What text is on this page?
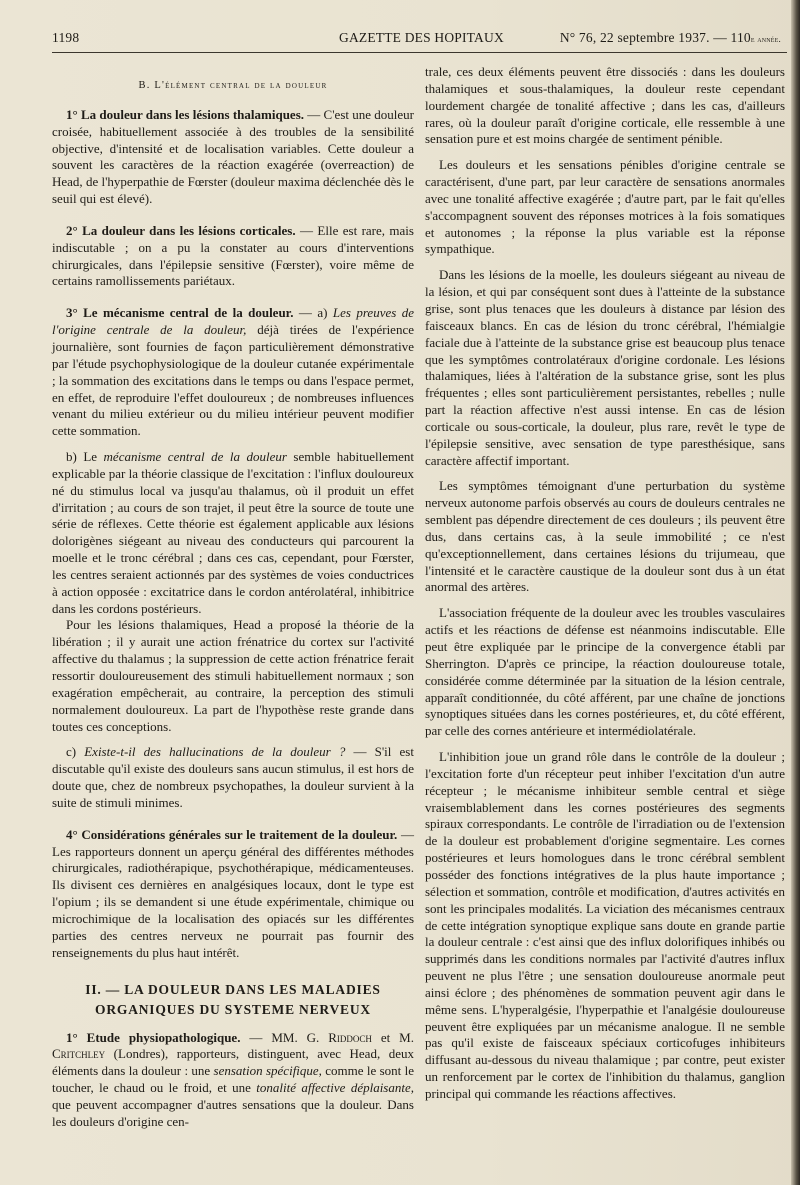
1198	GAZETTE DES HOPITAUX	N° 76, 22 septembre 1937. — 110e année.
B. L'élément central de la douleur

1° La douleur dans les lésions thalamiques. — C'est une douleur croisée, habituellement associée à des troubles de la sensibilité objective, d'intensité et de localisation variables. Cette douleur a souvent les caractères de la réaction exagérée (overreaction) de Head, de l'hyperpathie de Fœrster (douleur maxima déclenchée dès le seuil qui est élevé).

2° La douleur dans les lésions corticales. — Elle est rare, mais indiscutable ; on a pu la constater au cours d'interventions chirurgicales, dans l'épilepsie sensitive (Fœrster), voire même de certains ramollissements pariétaux.

3° Le mécanisme central de la douleur. — a) Les preuves de l'origine centrale de la douleur, déjà tirées de l'expérience journalière, sont fournies de façon particulièrement démonstrative par l'étude psychophysiologique de la douleur cutanée expérimentale ; la sommation des excitations dans le temps ou dans l'espace permet, en effet, de reproduire l'effet douloureux ; de nombreuses influences venant du milieu extérieur ou du milieu intérieur peuvent modifier cette sommation.

b) Le mécanisme central de la douleur semble habituellement explicable par la théorie classique de l'excitation : l'influx douloureux né du stimulus local va jusqu'au thalamus, où il produit un effet d'irritation ; au cours de son trajet, il peut être la source de toute une série de réflexes. Cette théorie est également applicable aux lésions dolorigènes siégeant au niveau des conducteurs qui parcourent la moelle et le tronc cérébral ; dans ces cas, cependant, pour Fœrster, les centres seraient actionnés par des systèmes de voies conductrices à action opposée : excitatrice dans le cordon antérolatéral, inhibitrice dans les cordons postérieurs.

Pour les lésions thalamiques, Head a proposé la théorie de la libération ; il y aurait une action frénatrice du cortex sur l'activité affective du thalamus ; la suppression de cette action frénatrice ferait ressortir douloureusement des stimuli habituellement normaux ; son exagération empêcherait, au contraire, la perception des stimuli normalement douloureux. La part de l'hypothèse reste grande dans toutes ces conceptions.

c) Existe-t-il des hallucinations de la douleur ? — S'il est discutable qu'il existe des douleurs sans aucun stimulus, il est hors de doute que, chez de nombreux psychopathes, la douleur survient à la suite de stimuli minimes.

4° Considérations générales sur le traitement de la douleur. — Les rapporteurs donnent un aperçu général des différentes méthodes chirurgicales, radiothérapique, psychothérapique, médicamenteuses. Ils divisent ces dernières en analgésiques locaux, dont le type est l'opium ; ils se demandent si une étude expérimentale, chimique ou microchimique de la localisation des opiacés sur les différentes parties des centres nerveux ne pourrait pas fournir des renseignements du plus haut intérêt.

II. — LA DOULEUR DANS LES MALADIES
ORGANIQUES DU SYSTEME NERVEUX

1° Etude physiopathologique. — MM. G. Riddoch et M. Critchley (Londres), rapporteurs, distinguent, avec Head, deux éléments dans la douleur : une sensation spécifique, comme le sont le toucher, le chaud ou le froid, et une tonalité affective déplaisante, que peuvent accompagner d'autres sensations que la douleur. Dans les douleurs d'origine cen-

trale, ces deux éléments peuvent être dissociés : dans les douleurs thalamiques et sous-thalamiques, la douleur reste cependant lourdement chargée de tonalité affective ; dans les cas, d'ailleurs rares, où la douleur paraît d'origine corticale, elle ressemble à une sensation pure et est moins chargée de sentiment pénible.

Les douleurs et les sensations pénibles d'origine centrale se caractérisent, d'une part, par leur caractère de sensations anormales avec une tonalité affective exagérée ; d'autre part, par le fait qu'elles s'accompagnent souvent des réponses motrices à la fois somatiques et autonomes ; la réponse la plus variable est la réponse sympathique.

Dans les lésions de la moelle, les douleurs siégeant au niveau de la lésion, et qui par conséquent sont dues à l'atteinte de la substance grise, sont plus tenaces que les douleurs à distance par lésion des faisceaux blancs. En cas de lésion du tronc cérébral, l'hémialgie faciale due à l'atteinte de la substance grise est beaucoup plus tenace que les symptômes controlatéraux d'origine cordonale. Les lésions thalamiques, liées à l'altération de la substance grise, sont les plus fréquentes ; elles sont particulièrement persistantes, rebelles ; nulle part la réaction affective n'est aussi intense. En cas de lésion corticale ou sous-corticale, la douleur, plus rare, revêt le type de l'épilepsie sensitive, avec sensation de type paresthésique, sans caractère affectif important.

Les symptômes témoignant d'une perturbation du système nerveux autonome parfois observés au cours de douleurs centrales ne semblent pas dépendre directement de ces douleurs ; ils peuvent être dus, dans certains cas, à la seule immobilité ; ce n'est qu'exceptionnellement, dans certaines lésions du trijumeau, que l'intensité et le caractère caustique de la douleur sont dus à un état anormal des artères.

L'association fréquente de la douleur avec les troubles vasculaires actifs et les réactions de défense est néanmoins indiscutable. Elle peut être expliquée par le principe de la convergence établi par Sherrington. D'après ce principe, la réaction douloureuse totale, considérée comme déterminée par la situation de la lésion centrale, apparaît conditionnée, du côté afférent, par une chaîne de jonctions synoptiques situées dans les cornes postérieures, et, du côté efférent, par celle des cornes antérieure et intermédiolatérale.

L'inhibition joue un grand rôle dans le contrôle de la douleur ; l'excitation forte d'un récepteur peut inhiber l'excitation d'un autre récepteur ; le mécanisme inhibiteur semble central et siège vraisemblablement dans les cornes postérieures des segments spiraux correspondants. Le contrôle de l'irradiation ou de l'extension de la douleur est probablement d'origine segmentaire. Les cornes postérieures et leurs homologues dans le tronc cérébral semblent posséder des fonctions intégratives de la plus haute importance ; sélection et sommation, contrôle et modification, d'autres activités en sont les principales modalités. La viciation des mécanismes centraux de cette intégration synoptique explique sans doute en grande partie la douleur centrale : c'est ainsi que des influx dolorifiques inhibés ou supprimés dans les conditions normales par l'activité d'autres influx peuvent ne plus l'être ; une sensation douloureuse anormale peut ainsi éclore ; des phénomènes de sommation peuvent agir dans le même sens. L'hyperalgésie, l'hyperpathie et l'analgésie douloureuse peuvent être expliquées par un mécanisme analogue. Il ne semble pas qu'il existe de faisceaux spéciaux corticofuges inhibiteurs diffusant au-dessous du niveau thalamique ; par contre, peut exister un renforcement par le cortex de l'inhibition du thalamus, ganglion principal qui commande les réactions affectives.
